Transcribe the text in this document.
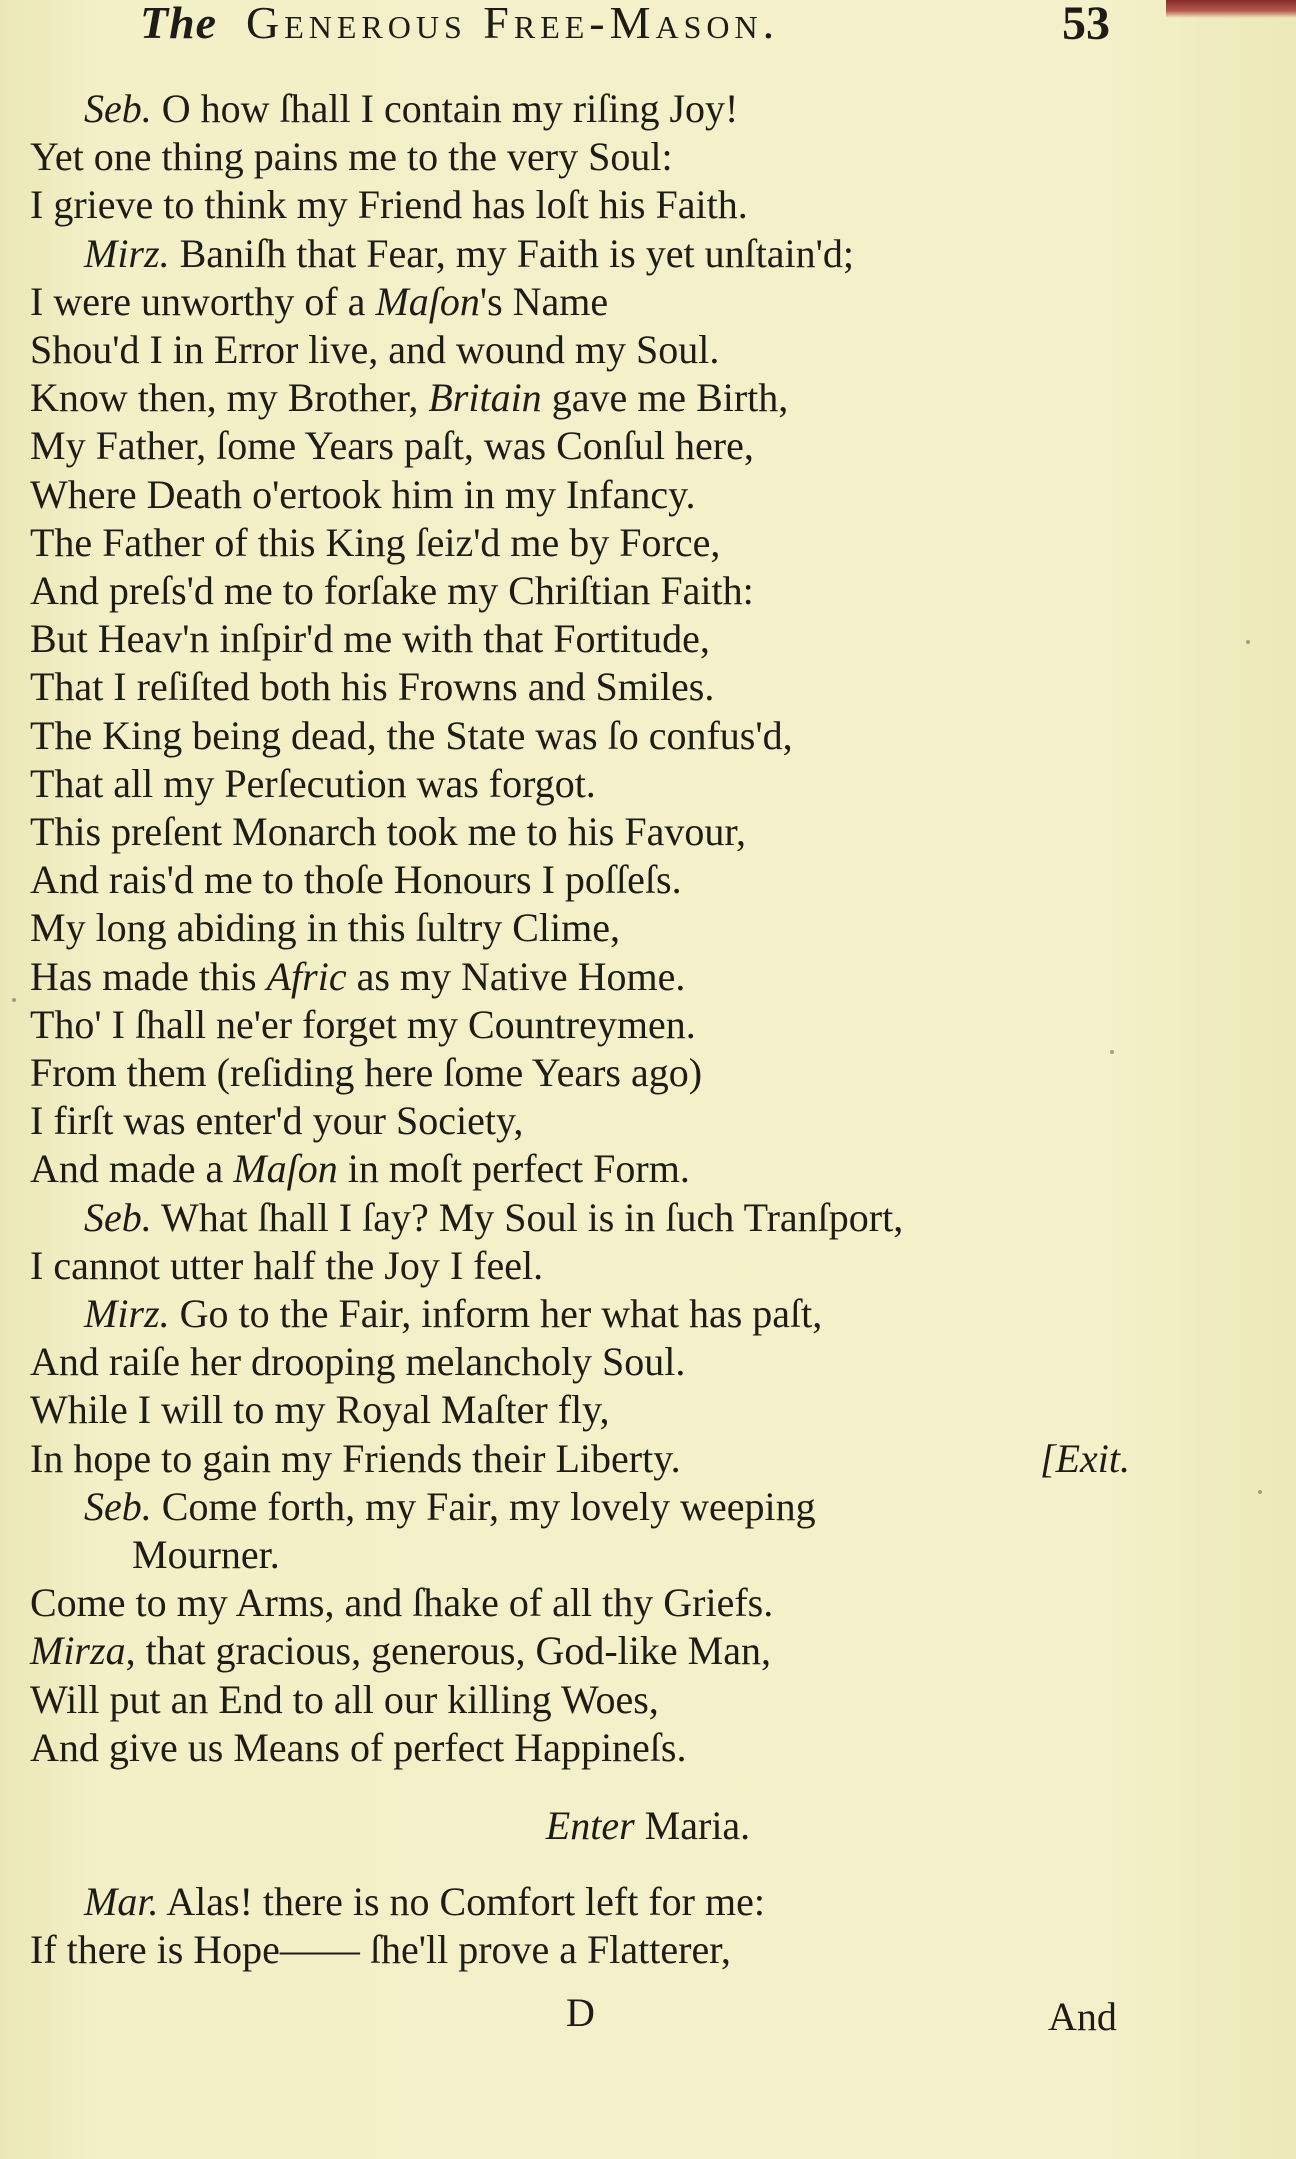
The Generous Free-Mason.	53
Seb. O how ſhall I contain my riſing Joy!
Yet one thing pains me to the very Soul:
I grieve to think my Friend has loſt his Faith.
Mirz. Baniſh that Fear, my Faith is yet unſtain'd;
I were unworthy of a Maſon's Name
Shou'd I in Error live, and wound my Soul.
Know then, my Brother, Britain gave me Birth,
My Father, ſome Years paſt, was Conſul here,
Where Death o'ertook him in my Infancy.
The Father of this King ſeiz'd me by Force,
And preſs'd me to forſake my Chriſtian Faith:
But Heav'n inſpir'd me with that Fortitude,
That I reſiſted both his Frowns and Smiles.
The King being dead, the State was ſo confus'd,
That all my Perſecution was forgot.
This preſent Monarch took me to his Favour,
And rais'd me to thoſe Honours I poſſeſs.
My long abiding in this ſultry Clime,
Has made this Afric as my Native Home.
Tho' I ſhall ne'er forget my Countreymen.
From them (reſiding here ſome Years ago)
I firſt was enter'd your Society,
And made a Maſon in moſt perfect Form.
Seb. What ſhall I ſay? My Soul is in ſuch Tranſport,
I cannot utter half the Joy I feel.
Mirz. Go to the Fair, inform her what has paſt,
And raiſe her drooping melancholy Soul.
While I will to my Royal Maſter fly,
In hope to gain my Friends their Liberty.	[Exit.
Seb. Come forth, my Fair, my lovely weeping
Mourner.
Come to my Arms, and ſhake of all thy Griefs.
Mirza, that gracious, generous, God-like Man,
Will put an End to all our killing Woes,
And give us Means of perfect Happineſs.
Enter Maria.
Mar. Alas! there is no Comfort left for me:
If there is Hope—— ſhe'll prove a Flatterer,
D	And
